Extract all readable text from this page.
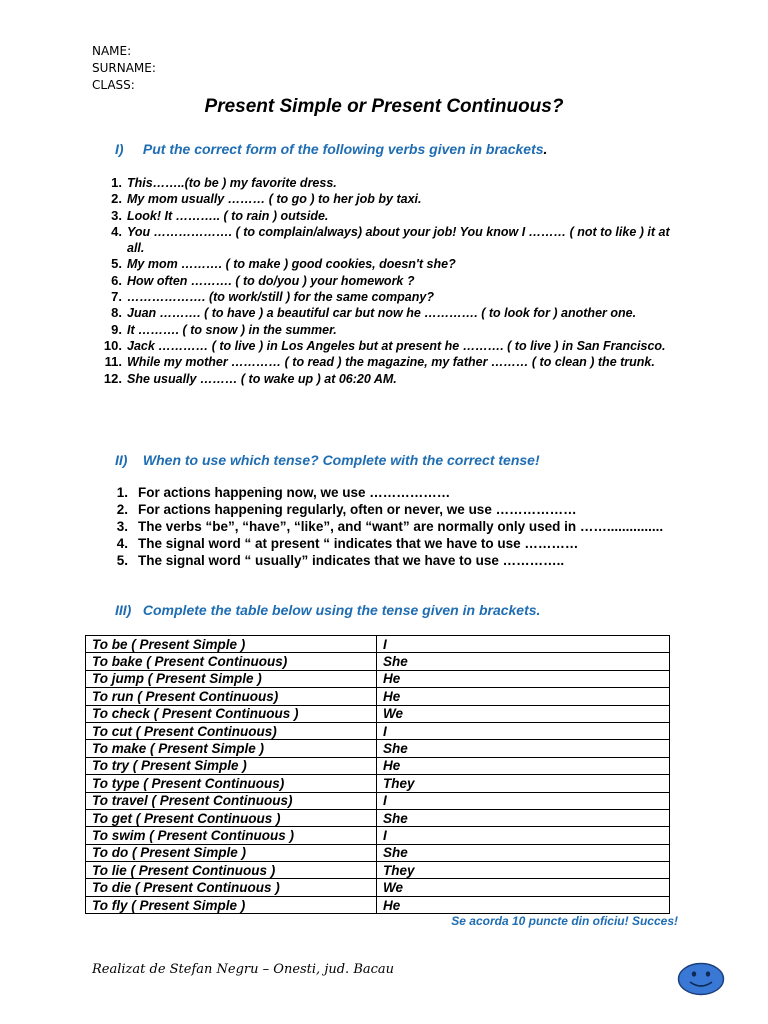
NAME:
SURNAME:
CLASS:
Present Simple or Present Continuous?
I) Put the correct form of the following verbs given in brackets.
1. This……..(to be ) my favorite dress.
2. My mom usually ……… ( to go ) to her job by taxi.
3. Look! It ……….. ( to rain ) outside.
4. You ………………. ( to complain/always) about your job! You know I ……… ( not to like ) it at all.
5. My mom ………. ( to make ) good cookies, doesn't she?
6. How often ………. ( to do/you ) your homework ?
7. ………………. (to work/still ) for the same company?
8. Juan ………. ( to have ) a beautiful car but now he …………. ( to look for ) another one.
9. It ………. ( to snow ) in the summer.
10. Jack ………… ( to live ) in Los Angeles but at present he ………. ( to live ) in San Francisco.
11. While my mother ………… ( to read ) the magazine, my father ……… ( to clean ) the trunk.
12. She usually ……… ( to wake up ) at 06:20 AM.
II) When to use which tense? Complete with the correct tense!
1. For actions happening now, we use ………………
2. For actions happening regularly, often or never, we use ………………
3. The verbs “be”, “have”, “like”, and “want” are normally only used in ……...............
4. The signal word “ at present “ indicates that we have to use …………
5. The signal word “ usually” indicates that we have to use …………..
III) Complete the table below using the tense given in brackets.
To be ( Present Simple )	I
To bake ( Present Continuous)	She
To jump ( Present Simple )	He
To run ( Present Continuous)	He
To check ( Present Continuous )	We
To cut ( Present Continuous)	I
To make ( Present Simple )	She
To try ( Present Simple )	He
To type ( Present Continuous)	They
To travel ( Present Continuous)	I
To get ( Present Continuous )	She
To swim ( Present Continuous )	I
To do ( Present Simple )	She
To lie ( Present Continuous )	They
To die ( Present Continuous )	We
To fly ( Present Simple )	He
Se acorda 10 puncte din oficiu! Succes!
Realizat de Stefan Negru – Onesti, jud. Bacau
